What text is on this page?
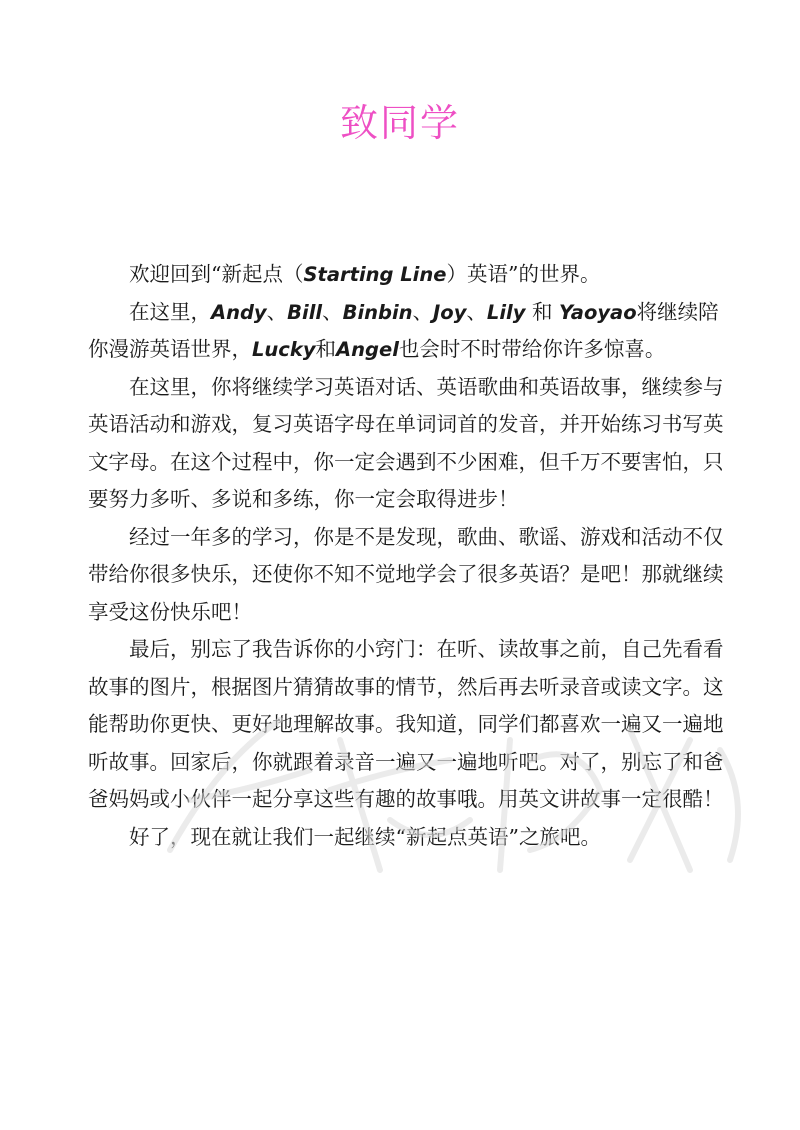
致同学

欢迎回到“新起点（Starting Line）英语”的世界。

在这里，Andy、Bill、Binbin、Joy、Lily 和 Yaoyao将继续陪你漫游英语世界，Lucky和Angel也会时不时带给你许多惊喜。

在这里，你将继续学习英语对话、英语歌曲和英语故事，继续参与英语活动和游戏，复习英语字母在单词词首的发音，并开始练习书写英文字母。在这个过程中，你一定会遇到不少困难，但千万不要害怕，只要努力多听、多说和多练，你一定会取得进步！

经过一年多的学习，你是不是发现，歌曲、歌谣、游戏和活动不仅带给你很多快乐，还使你不知不觉地学会了很多英语？是吧！那就继续享受这份快乐吧！

最后，别忘了我告诉你的小窍门：在听、读故事之前，自己先看看故事的图片，根据图片猜猜故事的情节，然后再去听录音或读文字。这能帮助你更快、更好地理解故事。我知道，同学们都喜欢一遍又一遍地听故事。回家后，你就跟着录音一遍又一遍地听吧。对了，别忘了和爸爸妈妈或小伙伴一起分享这些有趣的故事哦。用英文讲故事一定很酷！

好了，现在就让我们一起继续“新起点英语”之旅吧。
